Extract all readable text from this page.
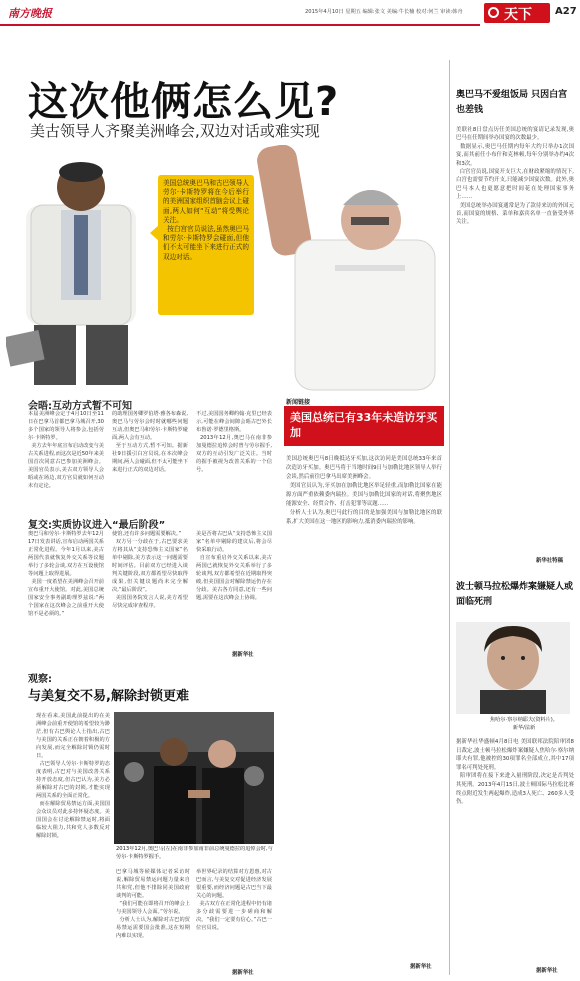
南方晚报	2015年4月10日 星期五 编辑:张文 美编:牛长楠 校对:何兰 审读:韩舟	天下 A27
这次他俩怎么见?
美古领导人齐聚美洲峰会,双边对话或难实现
美国总统奥巴马和古巴领导人劳尔·卡斯特罗将在今后举行的美洲国家组织首脑会议上碰面,两人如何“互动”将受舆论关注。
按白宫官员说法,虽然奥巴马和劳尔·卡斯特罗会碰面,但他们不太可能坐下来进行正式的双边对话。
会晤:互动方式暂不可知
本届美洲峰会定于4月10日至11日在巴拿马首都巴拿马城召开,30多个国家的领导人将参会,包括劳尔·卡斯特罗。
美方去年年底宣布启动改变与美古关系进程,而这次是近50年来美国首次同意古巴参加美洲峰会。美国官员表示,美古双方领导人会晤或在场边,双方官员就如何互动未有定论。
的助理国务卿罗伯塔·雅各布森说,奥巴马与劳尔会时时就哪些问题互动,但奥巴马和劳尔·卡斯特罗碰面,两人会有互动。
至于互动方式,暂不可知。据新社9日援引白宫员说,在本次峰会期间,两人会碰面,但不太可能坐下来进行正式的双边对话。
不过,美国国务卿约翰·克里已经表示,可能在峰会间隙会晤古巴外长布鲁诺·罗德里格斯。
2013年12月,奥巴马在南非参加曼德拉追悼会时曾与劳尔握手,双方的互动引发广泛关注。当时的握手被视为改善关系的一个信号。
复交:实质协议进入“最后阶段”
奥巴马和劳尔·卡斯特罗去年12月17日发表讲话,宣布启动两国关系正常化进程。今年1月以来,美古两国代表就恢复外交关系等议题举行了多轮会谈,双方在互设使馆等问题上取得进展。
美国一度希望在美洲峰会召开前宣布重开大使馆。对此,美国总统国家安全事务副助理罗兹说:“两个国家在这次峰会之前重开大使馆不是必须的。”
使馆,还有许多问题需要解决。”
双方另一分歧在于,古巴要求美方将其从“支持恐怖主义国家”名单中剔除,美方表示这一问题需要时间评估。目前双方已经进入谈判关键阶段,双方都希望尽快取得成果,但关键议题尚未完全解决,“最后阶段”。
美国国务院发言人说,美方希望尽快完成审查程序。
美是否将古巴从“支持恐怖主义国家”名单中剔除的建议后,将会尽快采取行动。
自宣布重启外交关系以来,美古两国已就恢复外交关系举行了多轮谈判,双方都希望在近期取得突破,但美国国会对解除禁运仍存在分歧。美古各方同意,还有一些问题,需要在这次峰会上协调。
据新华社
观察:
与美复交不易,解除封锁更难
现在看来,美国此前提出的在美洲峰会前重开使馆的希望较为渺茫,但有古巴舆论人士指出,古巴与美国的关系正在朝着积极的方向发展,而完全解除封锁仍需时日。
古巴领导人劳尔·卡斯特罗的态度表明,古巴对与美国改善关系持开放态度,但古巴认为,美方必须解除对古巴的封锁,才能实现两国关系的全面正常化。
而在解除贸易禁运方面,美国国会众议员对此多持怀疑态度。美国国会在讨论解除禁运时,将面临较大阻力,共和党人多数反对解除封锁。
2013年12月,奥巴马(左)在南非参加南非前总统曼德拉的追悼会时,与劳尔·卡斯特罗握手。
巴拿马城等候媒体记者采访时说,解除贸易禁运问题力量来自共和党,但他不排除同美国政府谈判的可能。
“我们可能在即将召开的峰会上与美国领导人会面。”劳尔说。
分析人士认为,解除对古巴的贸易禁运需要国会批准,这在短期内难以实现。
举世界纪录的结算对方恩惠,对古巴而言,与美复交对促进经济发展很重要,而经济问题是古巴当下最关心的问题。
美古双方在正常化进程中仍有诸多分歧需要进一步磋商和解决。“我们一定要有信心。”古巴一位官员说。
据新华社
新闻链接
美国总统已有33年未造访牙买加
美国总统奥巴马8日晚抵达牙买加,这次访问是美国总统33年来首次造访牙买加。奥巴马将于当地时间9日与加勒比地区领导人举行会谈,然后前往巴拿马出席美洲峰会。
美国官员认为,牙买加在加勒比地区举足轻重,而加勒比国家在能源方面严重依赖委内瑞拉。美国与加勒比国家的对话,将聚焦地区能源安全、经贸合作、打击犯罪等议题……
分析人士认为,奥巴马此行的目的是加强美国与加勒比地区的联系,扩大美国在这一地区的影响力,抵消委内瑞拉的影响。
据新华社
奥巴马不爱组饭局 只因白宫也差钱
美联社8日盘点历任美国总统的宴请记录发现,奥巴马在任期间举办国宴的次数最少。
数据显示,奥巴马任期内每年大约只举办1次国宴,而其前任小布什和克林顿,每年分别举办约4次和3次。
白宫官员说,国宴开支巨大,在财政紧缩的情况下,白宫也需要节约开支,只能减少国宴次数。此外,奥巴马本人也更愿意把时间花在处理国家事务上……
美国总统举办国宴通常是为了款待来访的外国元首,而国宴的规格、菜单和嘉宾名单一直备受外界关注。
新华社特稿
波士顿马拉松爆炸案嫌疑人或面临死刑
焦哈尔·察尔纳耶夫(资料片)。
新华/法新
据新华社华盛顿4月8日电 美国联邦法院陪审团8日裁定,波士顿马拉松爆炸案嫌疑人焦哈尔·察尔纳耶夫有罪,他被控的30项罪名全部成立,其中17项罪名可判处死刑。
陪审团将在接下来进入量刑阶段,决定是否判处其死刑。2013年4月15日,波士顿国际马拉松比赛终点附近发生两起爆炸,造成3人死亡、260多人受伤。
据新华社
